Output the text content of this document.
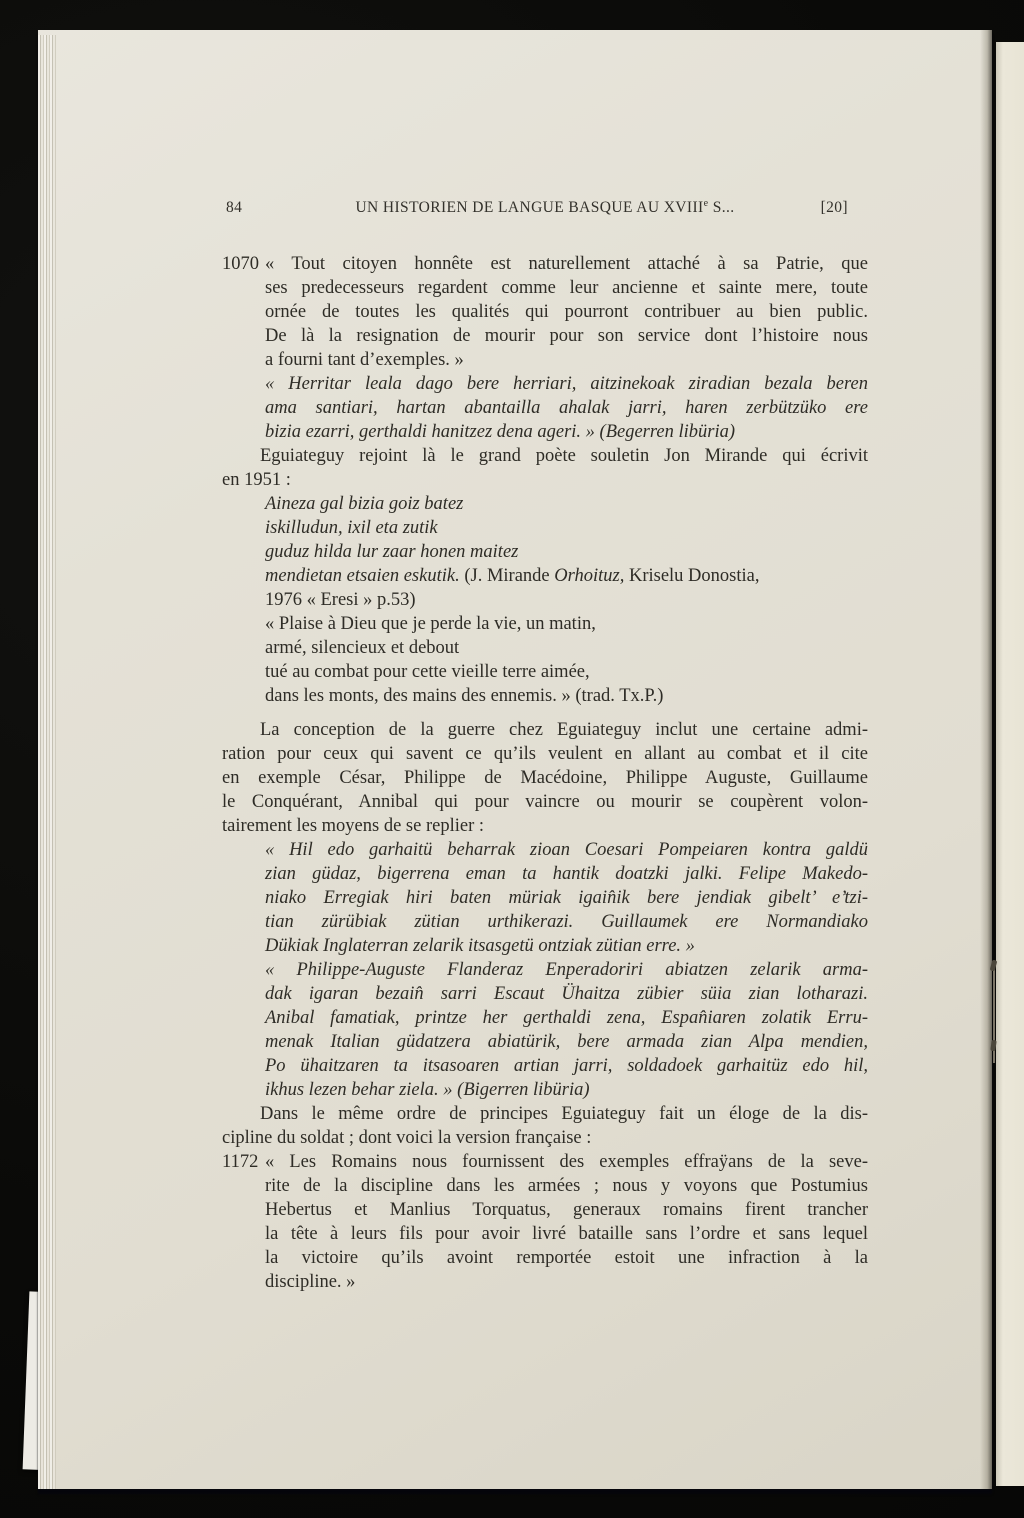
84	UN HISTORIEN DE LANGUE BASQUE AU XVIIIe S...	[20]
1070 « Tout citoyen honnête est naturellement attaché à sa Patrie, que
ses predecesseurs regardent comme leur ancienne et sainte mere, toute
ornée de toutes les qualités qui pourront contribuer au bien public.
De là la resignation de mourir pour son service dont l’histoire nous
a fourni tant d’exemples. »
« Herritar leala dago bere herriari, aitzinekoak ziradian bezala beren
ama santiari, hartan abantailla ahalak jarri, haren zerbützüko ere
bizia ezarri, gerthaldi hanitzez dena ageri. » (Begerren libüria)
Eguiateguy rejoint là le grand poète souletin Jon Mirande qui écrivit
en 1951 :
Aineza gal bizia goiz batez
iskilludun, ixil eta zutik
guduz hilda lur zaar honen maitez
mendietan etsaien eskutik. (J. Mirande Orhoituz, Kriselu Donostia,
1976 « Eresi » p.53)
« Plaise à Dieu que je perde la vie, un matin,
armé, silencieux et debout
tué au combat pour cette vieille terre aimée,
dans les monts, des mains des ennemis. » (trad. Tx.P.)
La conception de la guerre chez Eguiateguy inclut une certaine admi-
ration pour ceux qui savent ce qu’ils veulent en allant au combat et il cite
en exemple César, Philippe de Macédoine, Philippe Auguste, Guillaume
le Conquérant, Annibal qui pour vaincre ou mourir se coupèrent volon-
tairement les moyens de se replier :
« Hil edo garhaitü beharrak zioan Coesari Pompeiaren kontra galdü
zian güdaz, bigerrena eman ta hantik doatzki jalki. Felipe Makedo-
niako Erregiak hiri baten müriak igain̂ik bere jendiak gibelt’ e’tzi-
tian zürübiak zütian urthikerazi. Guillaumek ere Normandiako
Dükiak Inglaterran zelarik itsasgetü ontziak zütian erre. »
« Philippe-Auguste Flanderaz Enperadoriri abiatzen zelarik arma-
dak igaran bezain̂ sarri Escaut Ühaitza zübier süia zian lotharazi.
Anibal famatiak, printze her gerthaldi zena, Espan̂iaren zolatik Erru-
menak Italian güdatzera abiatürik, bere armada zian Alpa mendien,
Po ühaitzaren ta itsasoaren artian jarri, soldadoek garhaitüz edo hil,
ikhus lezen behar ziela. » (Bigerren libüria)
Dans le même ordre de principes Eguiateguy fait un éloge de la dis-
cipline du soldat ; dont voici la version française :
1172 « Les Romains nous fournissent des exemples effraÿans de la seve-
rite de la discipline dans les armées ; nous y voyons que Postumius
Hebertus et Manlius Torquatus, generaux romains firent trancher
la tête à leurs fils pour avoir livré bataille sans l’ordre et sans lequel
la victoire qu’ils avoint remportée estoit une infraction à la
discipline. »
